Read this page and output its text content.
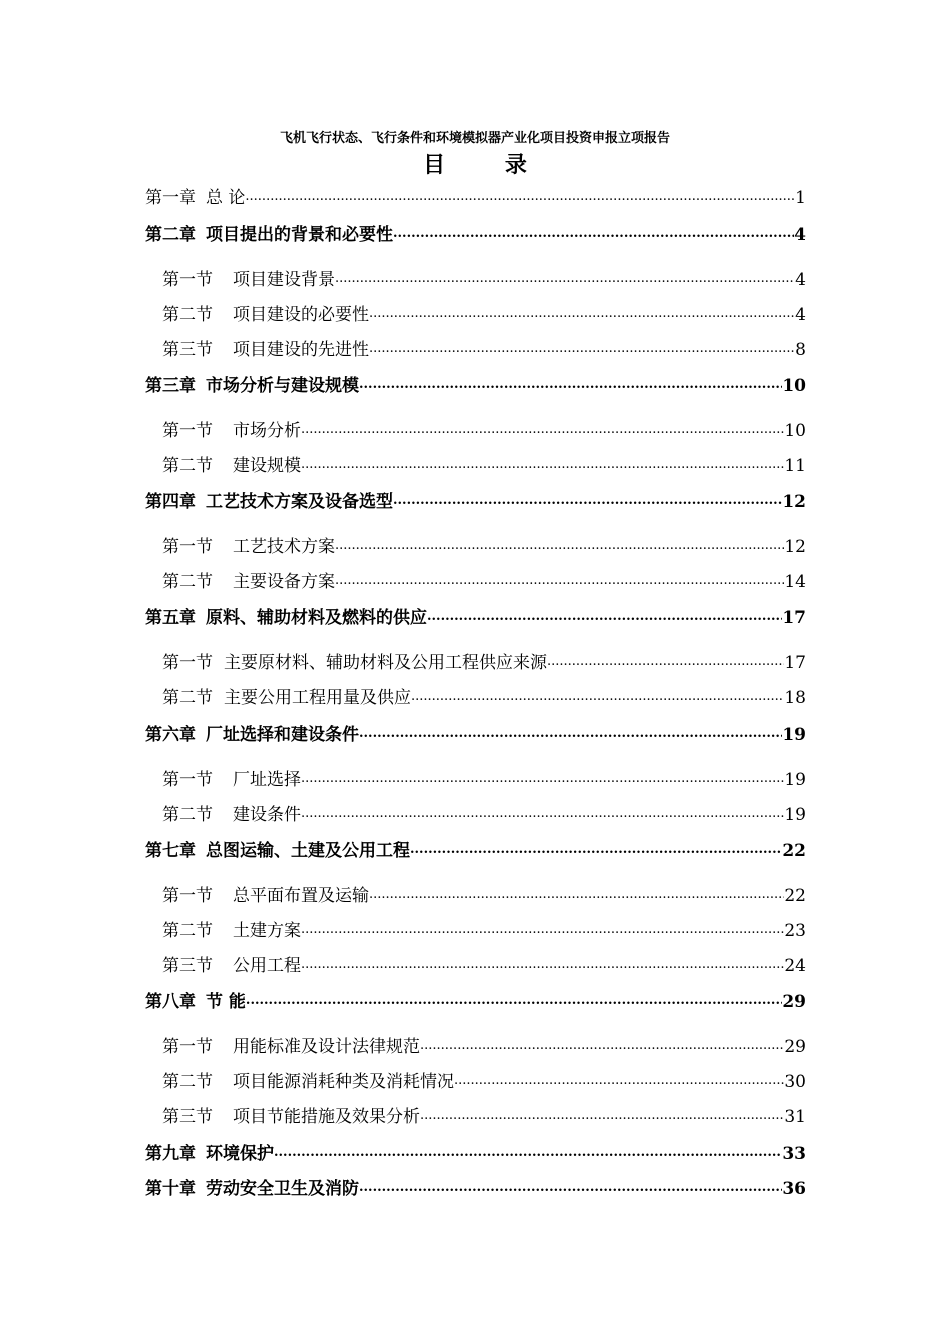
飞机飞行状态、飞行条件和环境模拟器产业化项目投资申报立项报告
目 录
第一章 总 论 .....	1
第二章 项目提出的背景和必要性 .....	4
第一节 项目建设背景 .....	4
第二节 项目建设的必要性 .....	4
第三节 项目建设的先进性 .....	8
第三章 市场分析与建设规模 .....	10
第一节 市场分析 .....	10
第二节 建设规模 .....	11
第四章 工艺技术方案及设备选型 .....	12
第一节 工艺技术方案 .....	12
第二节 主要设备方案 .....	14
第五章 原料、辅助材料及燃料的供应 .....	17
第一节 主要原材料、辅助材料及公用工程供应来源 .....	17
第二节 主要公用工程用量及供应 .....	18
第六章 厂址选择和建设条件 .....	19
第一节 厂址选择 .....	19
第二节 建设条件 .....	19
第七章 总图运输、土建及公用工程 .....	22
第一节 总平面布置及运输 .....	22
第二节 土建方案 .....	23
第三节 公用工程 .....	24
第八章 节 能 .....	29
第一节 用能标准及设计法律规范 .....	29
第二节 项目能源消耗种类及消耗情况 .....	30
第三节 项目节能措施及效果分析 .....	31
第九章 环境保护 .....	33
第十章 劳动安全卫生及消防 .....	36
